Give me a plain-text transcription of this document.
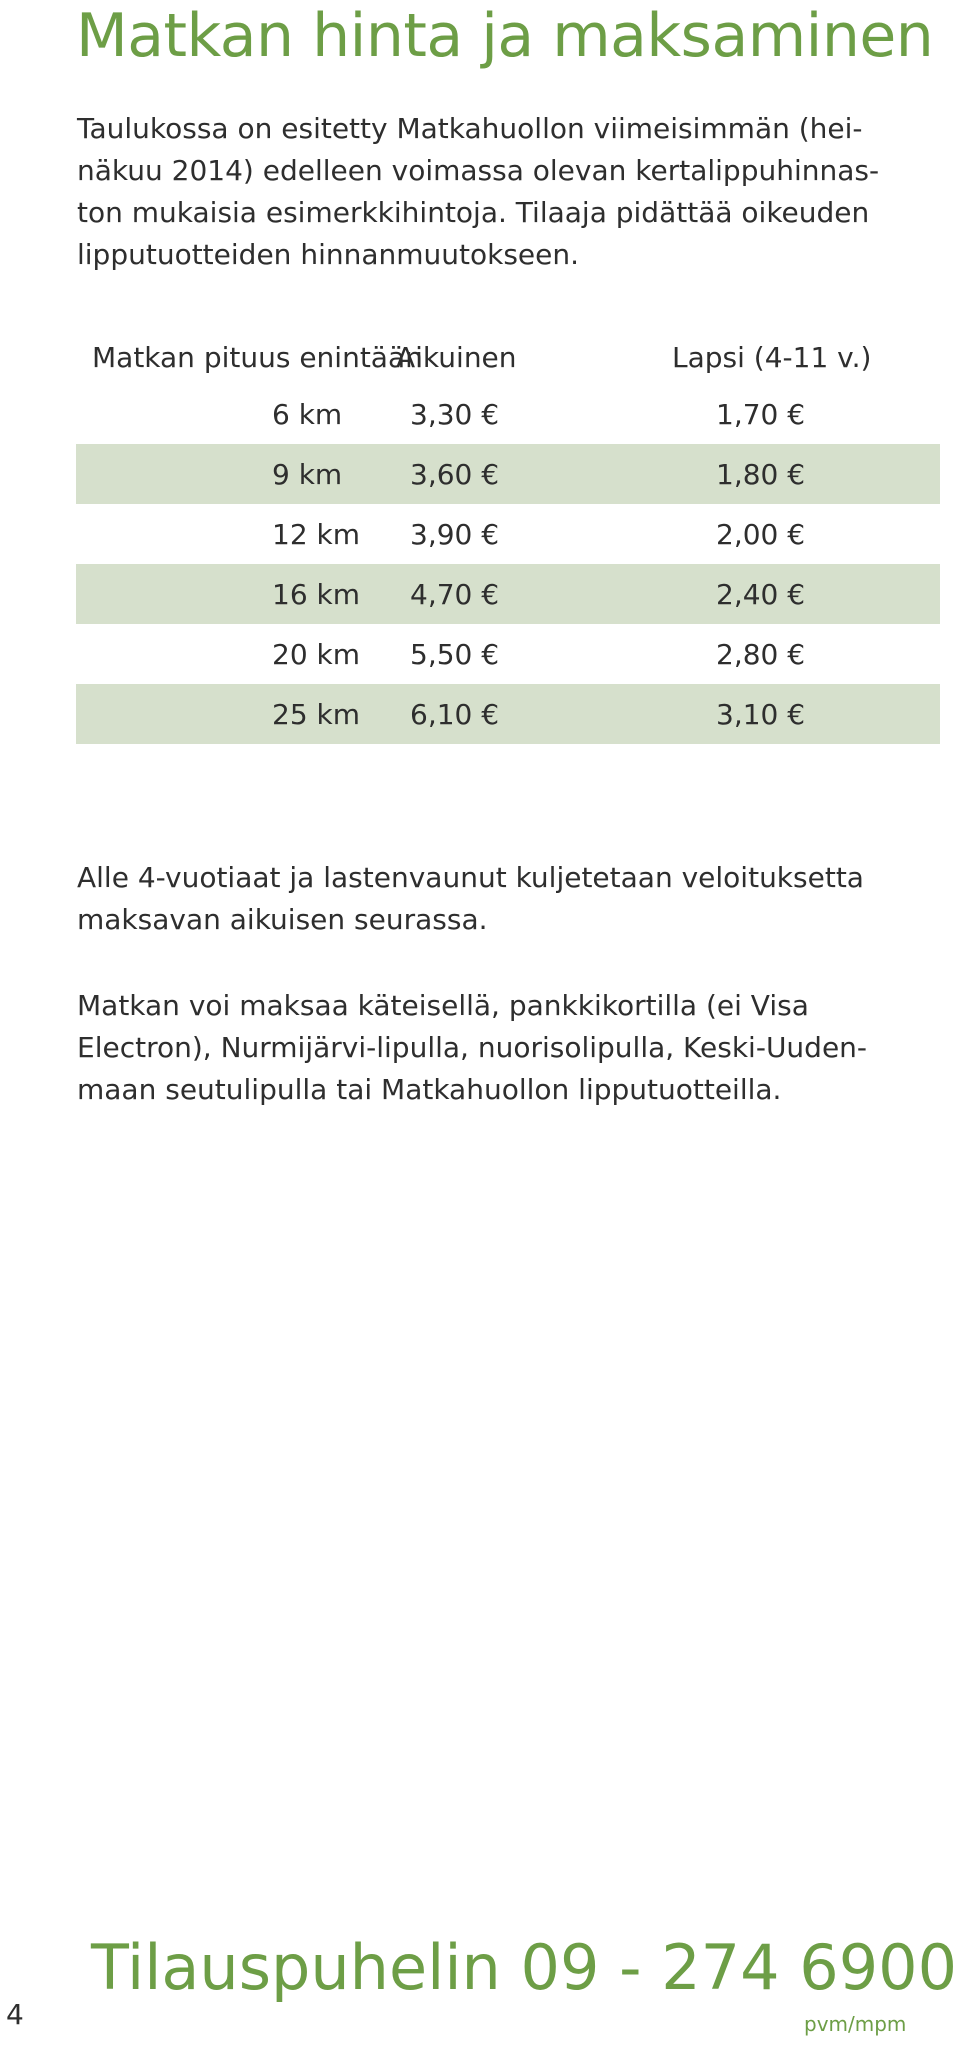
Matkan hinta ja maksaminen

Taulukossa on esitetty Matkahuollon viimeisimmän (hei-
näkuu 2014) edelleen voimassa olevan kertalippuhinnas-
ton mukaisia esimerkkihintoja. Tilaaja pidättää oikeuden
lipputuotteiden hinnanmuutokseen.

Matkan pituus enintään	Aikuinen	Lapsi (4-11 v.)
6 km	3,30 €	1,70 €
9 km	3,60 €	1,80 €
12 km	3,90 €	2,00 €
16 km	4,70 €	2,40 €
20 km	5,50 €	2,80 €
25 km	6,10 €	3,10 €

Alle 4-vuotiaat ja lastenvaunut kuljetetaan veloituksetta
maksavan aikuisen seurassa.

Matkan voi maksaa käteisellä, pankkikortilla (ei Visa
Electron), Nurmijärvi-lipulla, nuorisolipulla, Keski-Uuden-
maan seutulipulla tai Matkahuollon lipputuotteilla.

4
Tilauspuhelin 09 - 274 6900
pvm/mpm
